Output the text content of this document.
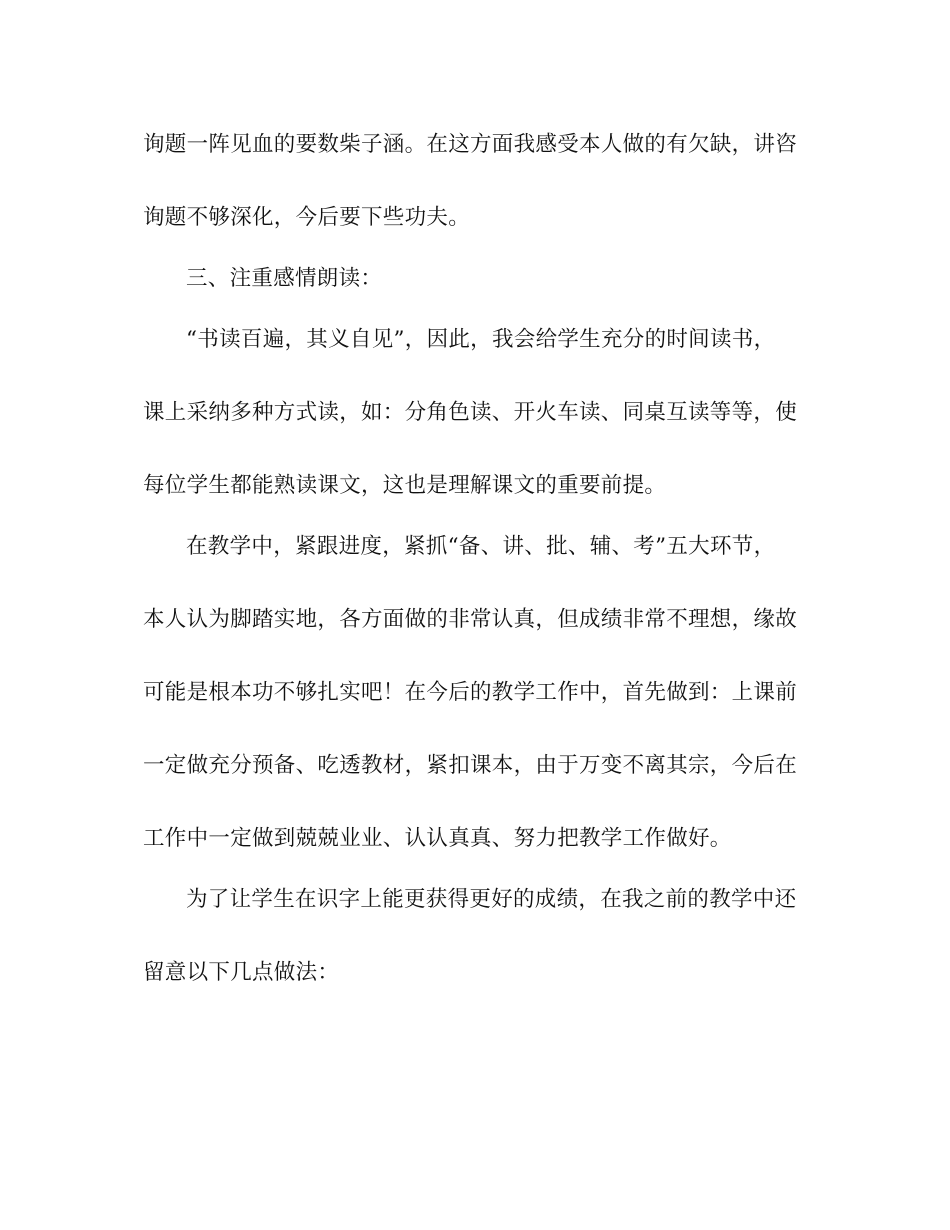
询题一阵见血的要数柴子涵。在这方面我感受本人做的有欠缺，讲咨
询题不够深化，今后要下些功夫。
三、注重感情朗读：
“书读百遍，其义自见”，因此，我会给学生充分的时间读书，
课上采纳多种方式读，如：分角色读、开火车读、同桌互读等等，使
每位学生都能熟读课文，这也是理解课文的重要前提。
在教学中，紧跟进度，紧抓“备、讲、批、辅、考”五大环节，
本人认为脚踏实地，各方面做的非常认真，但成绩非常不理想，缘故
可能是根本功不够扎实吧！在今后的教学工作中，首先做到：上课前
一定做充分预备、吃透教材，紧扣课本，由于万变不离其宗，今后在
工作中一定做到兢兢业业、认认真真、努力把教学工作做好。
为了让学生在识字上能更获得更好的成绩，在我之前的教学中还
留意以下几点做法：
